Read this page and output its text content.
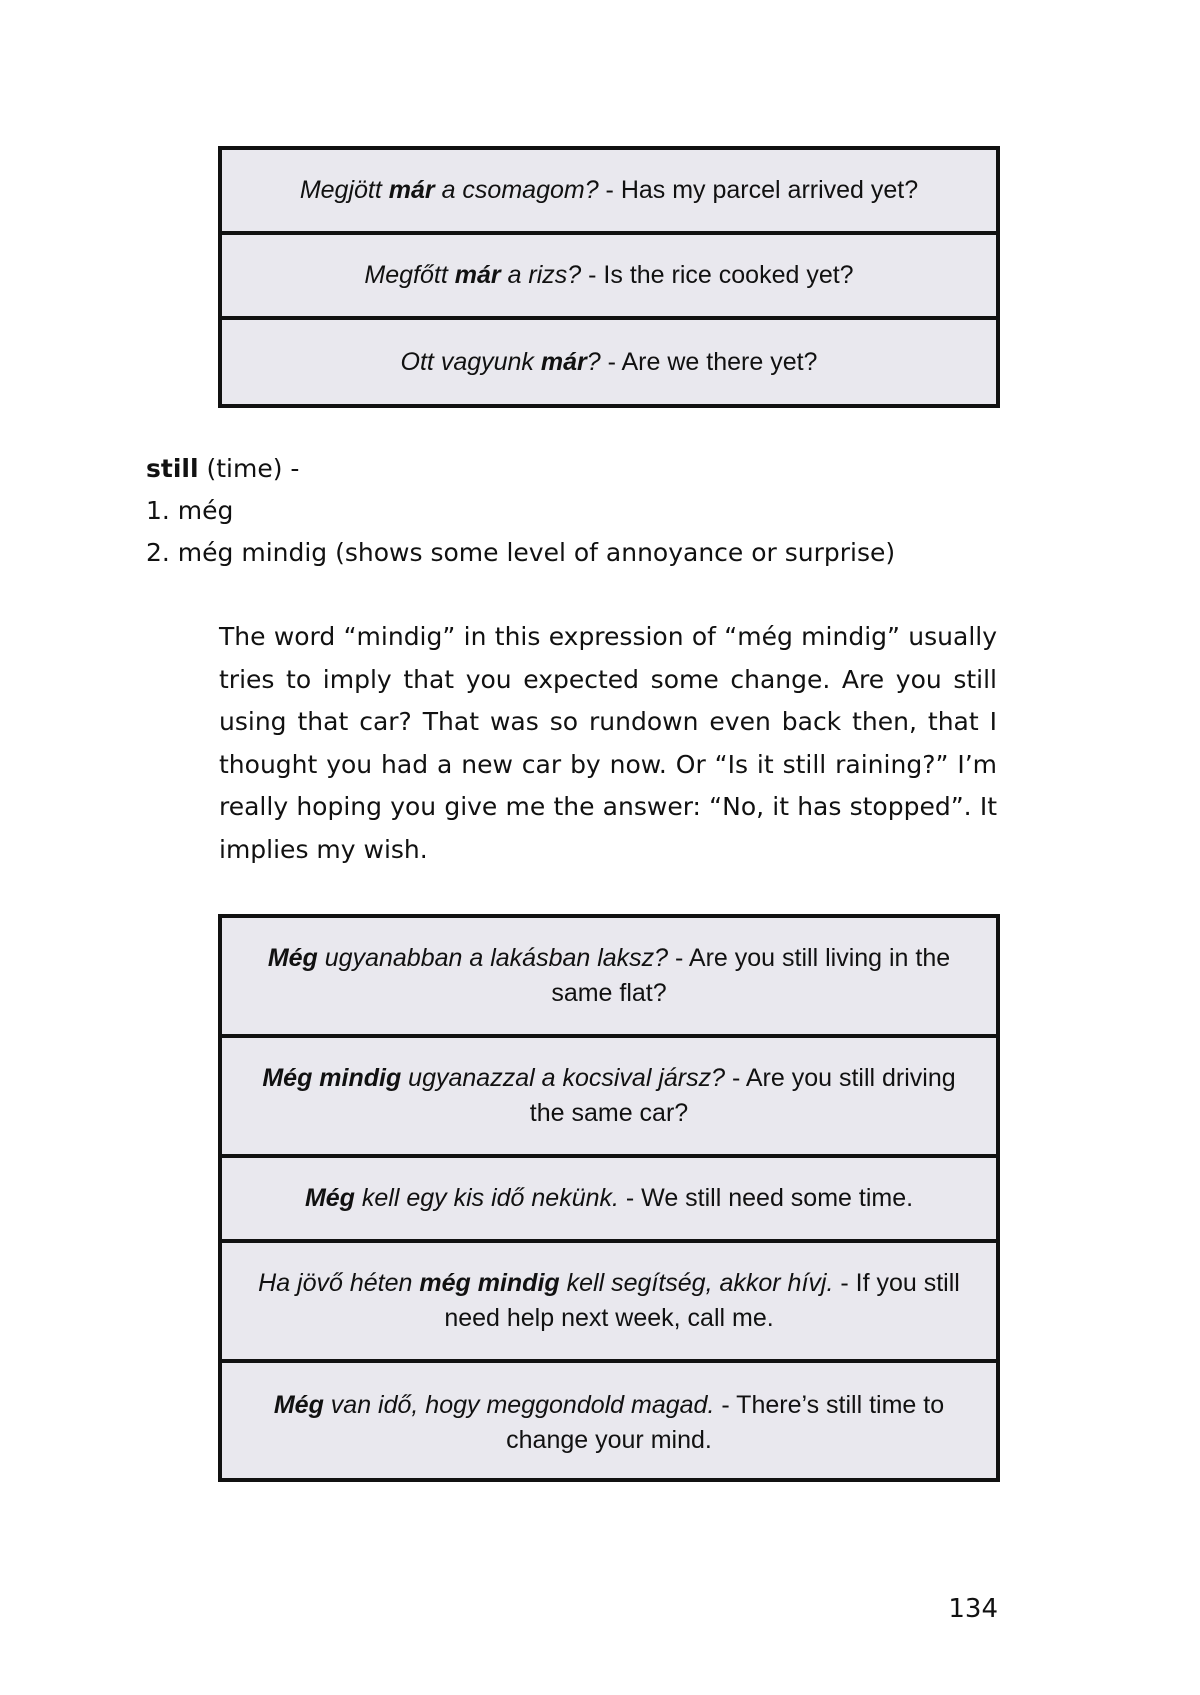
Megjött már a csomagom? - Has my parcel arrived yet?
Megfőtt már a rizs? - Is the rice cooked yet?
Ott vagyunk már? - Are we there yet?
still (time) -
1. még
2. még mindig (shows some level of annoyance or surprise)
The word “mindig” in this expression of “még mindig” usually tries to imply that you expected some change. Are you still using that car? That was so rundown even back then, that I thought you had a new car by now. Or “Is it still raining?” I’m really hoping you give me the answer: “No, it has stopped”. It implies my wish.
Még ugyanabban a lakásban laksz? - Are you still living in the same flat?
Még mindig ugyanazzal a kocsival jársz? - Are you still driving the same car?
Még kell egy kis idő nekünk. - We still need some time.
Ha jövő héten még mindig kell segítség, akkor hívj. - If you still need help next week, call me.
Még van idő, hogy meggondold magad. - There’s still time to change your mind.
134
